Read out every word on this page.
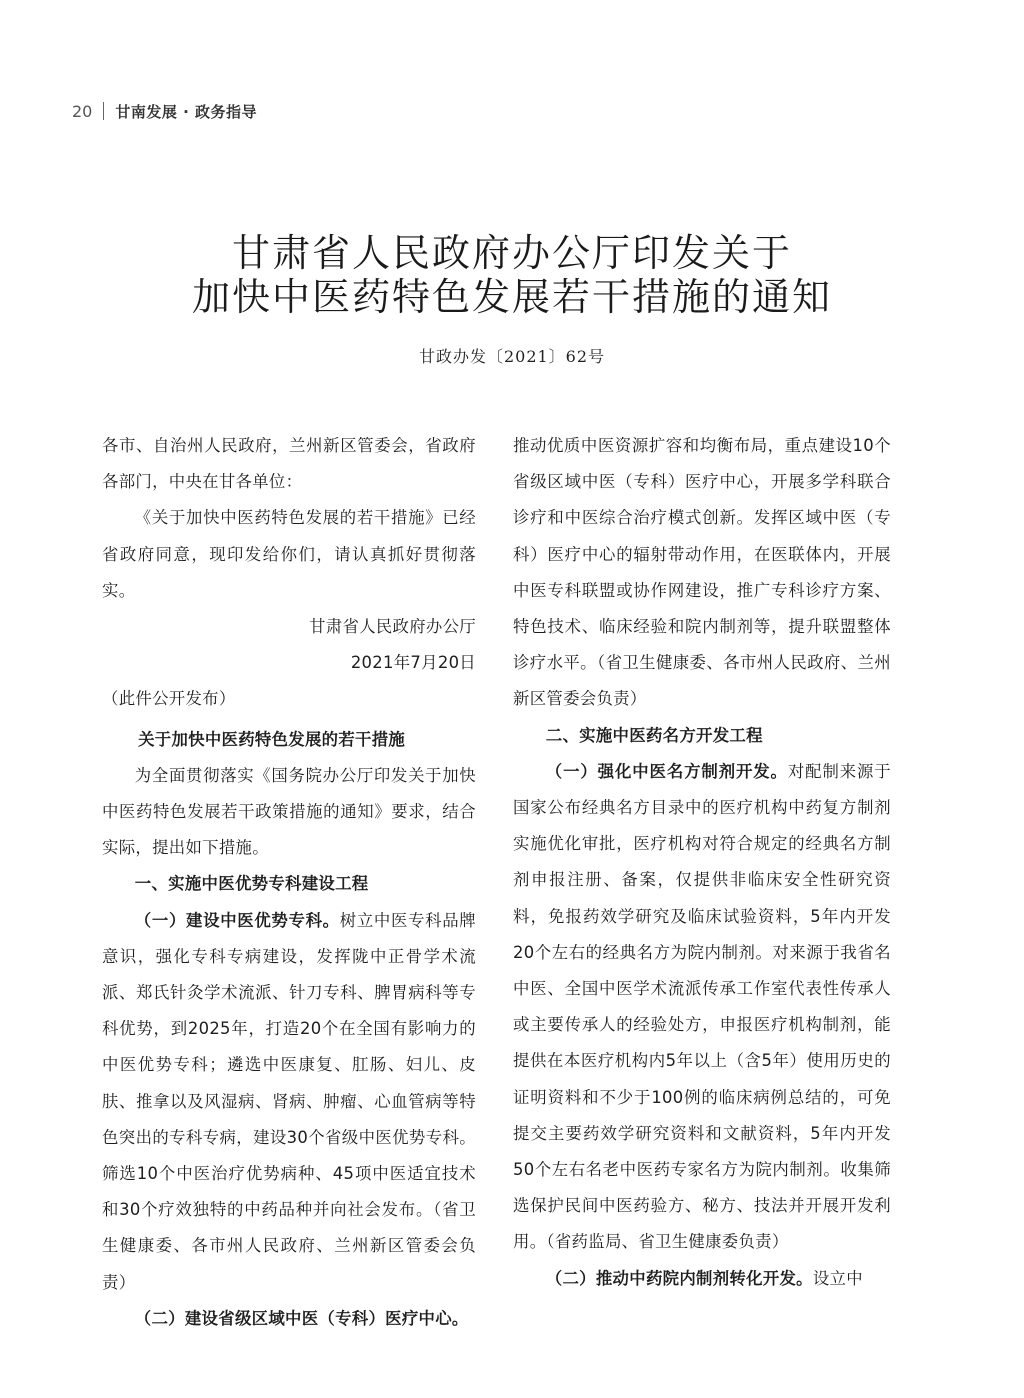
20 甘南发展 · 政务指导
甘肃省人民政府办公厅印发关于
加快中医药特色发展若干措施的通知
甘政办发〔2021〕62号

各市、自治州人民政府，兰州新区管委会，省政府各部门，中央在甘各单位：

《关于加快中医药特色发展的若干措施》已经省政府同意，现印发给你们，请认真抓好贯彻落实。

甘肃省人民政府办公厅

2021年7月20日

（此件公开发布）

关于加快中医药特色发展的若干措施

为全面贯彻落实《国务院办公厅印发关于加快中医药特色发展若干政策措施的通知》要求，结合实际，提出如下措施。

一、实施中医优势专科建设工程

（一）建设中医优势专科。树立中医专科品牌意识，强化专科专病建设，发挥陇中正骨学术流派、郑氏针灸学术流派、针刀专科、脾胃病科等专科优势，到2025年，打造20个在全国有影响力的中医优势专科；遴选中医康复、肛肠、妇儿、皮肤、推拿以及风湿病、肾病、肿瘤、心血管病等特色突出的专科专病，建设30个省级中医优势专科。筛选10个中医治疗优势病种、45项中医适宜技术和30个疗效独特的中药品种并向社会发布。（省卫生健康委、各市州人民政府、兰州新区管委会负责）

（二）建设省级区域中医（专科）医疗中心。

推动优质中医资源扩容和均衡布局，重点建设10个省级区域中医（专科）医疗中心，开展多学科联合诊疗和中医综合治疗模式创新。发挥区域中医（专科）医疗中心的辐射带动作用，在医联体内，开展中医专科联盟或协作网建设，推广专科诊疗方案、特色技术、临床经验和院内制剂等，提升联盟整体诊疗水平。（省卫生健康委、各市州人民政府、兰州新区管委会负责）

二、实施中医药名方开发工程

（一）强化中医名方制剂开发。对配制来源于国家公布经典名方目录中的医疗机构中药复方制剂实施优化审批，医疗机构对符合规定的经典名方制剂申报注册、备案，仅提供非临床安全性研究资料，免报药效学研究及临床试验资料，5年内开发20个左右的经典名方为院内制剂。对来源于我省名中医、全国中医学术流派传承工作室代表性传承人或主要传承人的经验处方，申报医疗机构制剂，能提供在本医疗机构内5年以上（含5年）使用历史的证明资料和不少于100例的临床病例总结的，可免提交主要药效学研究资料和文献资料，5年内开发50个左右名老中医药专家名方为院内制剂。收集筛选保护民间中医药验方、秘方、技法并开展开发利用。（省药监局、省卫生健康委负责）

（二）推动中药院内制剂转化开发。设立中
